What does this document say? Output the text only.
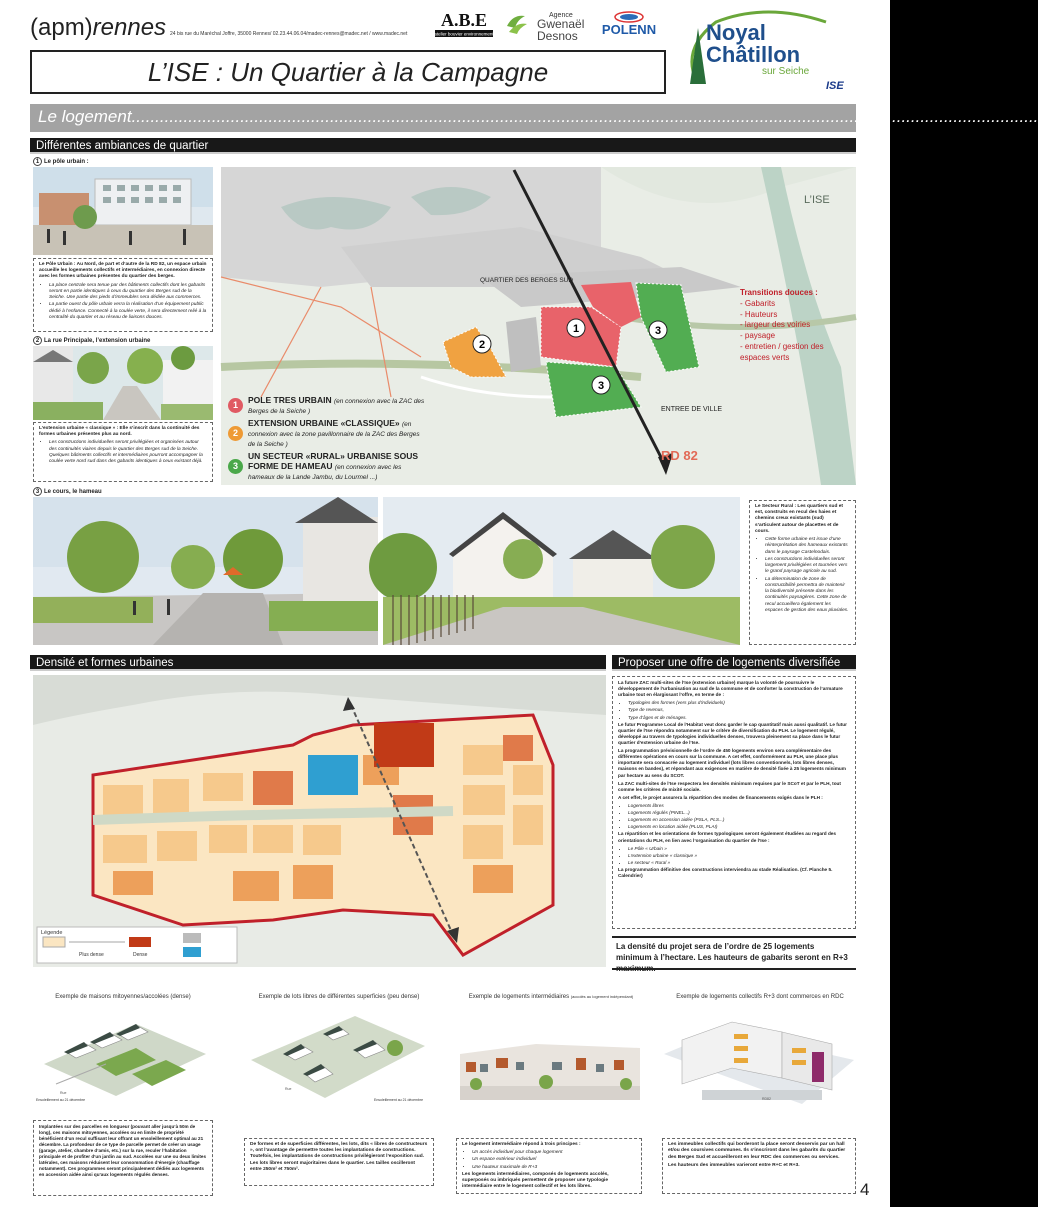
(apm)rennes 24 bis rue du Maréchal Joffre, 35000 Rennes/ 02.23.44.06.04/madec-rennes@madec.net / www.madec.net
A.B.E
atelier bouvier environnement
Agence
Gwenaël
Desnos POLENN Noyal
Châtillon
sur Seiche
L’ISE : Un Quartier à la Campagne	ISE
Le logement................................................................................................................................................................................................
Différentes ambiances de quartier
1 Le pôle urbain :

Le Pôle Urbain : Au Nord, de part et d’autre de la RD 82, un espace urbain accueille les logements collectifs et intermédiaires, en connexion directe avec les formes urbaines présentes du quartier des berges.

• La place centrale sera tenue par des bâtiments collectifs dont les gabarits seront en partie identiques à ceux du quartier des Berges sud de la Seiche. Une partie des pieds d’immeubles sera dédiée aux commerces.
• La partie ouest du pôle urbain verra la réalisation d’un équipement public dédié à l’enfance. Connecté à la coulée verte, il sera directement relié à la centralité du quartier et au réseau de liaisons douces.
2 La rue Principale, l’extension urbaine

L’extension urbaine « classique » : Elle s’inscrit dans la continuité des formes urbaines présentes plus au nord.

• Les constructions individuelles seront privilégiées et organisées autour des continuités viaires depuis le quartier des Berges sud de la Seiche. Quelques bâtiments collectifs et intermédiaires pourront accompagner la coulée verte nord sud dans des gabarits identiques à ceux existant déjà.
3 Le cours, le hameau
2
1	3
3
QUARTIER DES BERGES SUD
L’ISE
ENTREE DE VILLE
RD 82
1	POLE TRES URBAIN (en connexion avec la ZAC des Berges de la Seiche )
2
EXTENSION URBAINE «CLASSIQUE» (en connexion avec la zone pavillonnaire de la ZAC des Berges de la Seiche )
3
UN SECTEUR «RURAL» URBANISE SOUS FORME DE HAMEAU (en connexion avec les hameaux de la Lande Jambu, du Lourmel ...)
Transitions douces :
- Gabarits
- Hauteurs
- largeur des voiries
- paysage
- entretien / gestion des espaces verts

Le Secteur Rural : Les quartiers sud et est, construits en recul des haies et chemins creux existants (sud) s’articulent autour de placettes et de cours.

• Cette forme urbaine est issue d’une réinterprétation des hameaux existants dans le paysage Castelnodais.
• Les constructions individuelles seront largement privilégiées et tournées vers le grand paysage agricole au sud.
• La détermination de zone de constructibilité permettra de maintenir la biodiversité présente dans les continuités paysagères. Cette zone de recul accueillera également les espaces de gestion des eaux pluviales.
Densité et formes urbaines
Légende
Plus dense	Dense
Proposer une offre de logements diversifiée

La future ZAC multi-sites de l’Ise (extension urbaine) marque la volonté de poursuivre le développement de l’urbanisation au sud de la commune et de conforter la construction de l’armature urbaine tout en élargissant l’offre, en terme de :

• Typologies des formes (vers plus d’individuels)
• Type de revenus,
• Type d’âges et de ménages.

Le futur Programme Local de l’Habitat veut donc garder le cap quantitatif mais aussi qualitatif. Le futur quartier de l’Ise répondra notamment sur le critère de diversification du PLH. Le logement régulé, développé au travers de typologies individuelles denses, trouvera pleinement sa place dans le futur quartier d’extension urbaine de l’Ise.

La programmation prévisionnelle de l’ordre de 450 logements environ sera complémentaire des différentes opérations en cours sur la commune. A cet effet, conformément au PLH, une place plus importante sera consacrée au logement individuel (lots libres conventionnels, lots libres denses, maisons en bandes), et répondant aux exigences en matière de densité fixée à 25 logements minimum par hectare au sens du SCOT.

La ZAC multi-sites de l’Ise respectera les densités minimum requises par le SCoT et par le PLH, tout comme les critères de mixité sociale.

A cet effet, le projet assurera la répartition des modes de financements exigés dans le PLH :

• Logements libres
• Logements régulés (PINEL...)
• Logements en accession aidée (PSLA, PLS...)
• Logements en location aidée (PLUS, PLAI)

La répartition et les orientations de formes typologiques seront également étudiées au regard des orientations du PLH, en lien avec l’organisation du quartier de l’Ise :

• Le Pôle « Urbain »
• L’extension urbaine « classique »
• Le secteur « Rural »

La programmation définitive des constructions interviendra au stade Réalisation. (Cf. Planche 5. Calendrier)

La densité du projet sera de l’ordre de 25 logements minimum à l’hectare. Les hauteurs de gabarits seront en R+3 maximum.
Exemple de maisons mitoyennes/accolées (dense)
Rue
Ensoleillement au 21 décembre

Implantées sur des parcelles en longueur (pouvant aller jusqu’à 50m de long), ces maisons mitoyennes, accolées ou en limite de propriété bénéficient d’un recul suffisant leur offrant un ensoleillement optimal au 21 décembre. La profondeur de ce type de parcelle permet de créer un usage (garage, atelier, chambre d’amis, etc.) sur la rue, reculer l’habitation principale et de profiter d’un jardin au sud. Accolées sur une ou deux limites latérales, ces maisons réduisent leur consommation d’énergie (chauffage notamment). Ces programmes seront principalement dédiés aux logements en accession aidée ainsi qu’aux logements régulés denses.

Exemple de lots libres de différentes superficies (peu dense)
Rue
Ensoleillement au 21 décembre

De formes et de superficies différentes, les lots, dits « libres de constructeurs », ont l’avantage de permettre toutes les implantations de constructions. Toutefois, les implantations de constructions privilégieront l’exposition sud. Les lots libres seront majoritaires dans le quartier. Les tailles oscilleront entre 250m² et 750m².

Exemple de logements intermédiaires (accolés au logement indépendant)

Le logement intermédiaire répond à trois principes :

• Un accès individuel pour chaque logement
• Un espace extérieur individuel
• Une hauteur maximale de R+3

Les logements intermédiaires, composés de logements accolés, superposés ou imbriqués permettent de proposer une typologie intermédiaire entre le logement collectif et les lots libres.

Exemple de logements collectifs R+3 dont commerces en RDC
RD82

Les immeubles collectifs qui borderont la place seront desservis par un hall et/ou des coursives communes. Ils s’inscriront dans les gabarits du quartier des Berges Sud et accueilleront en leur RDC des commerces ou services.

Les hauteurs des immeubles varieront entre R+C et R+3.

4
